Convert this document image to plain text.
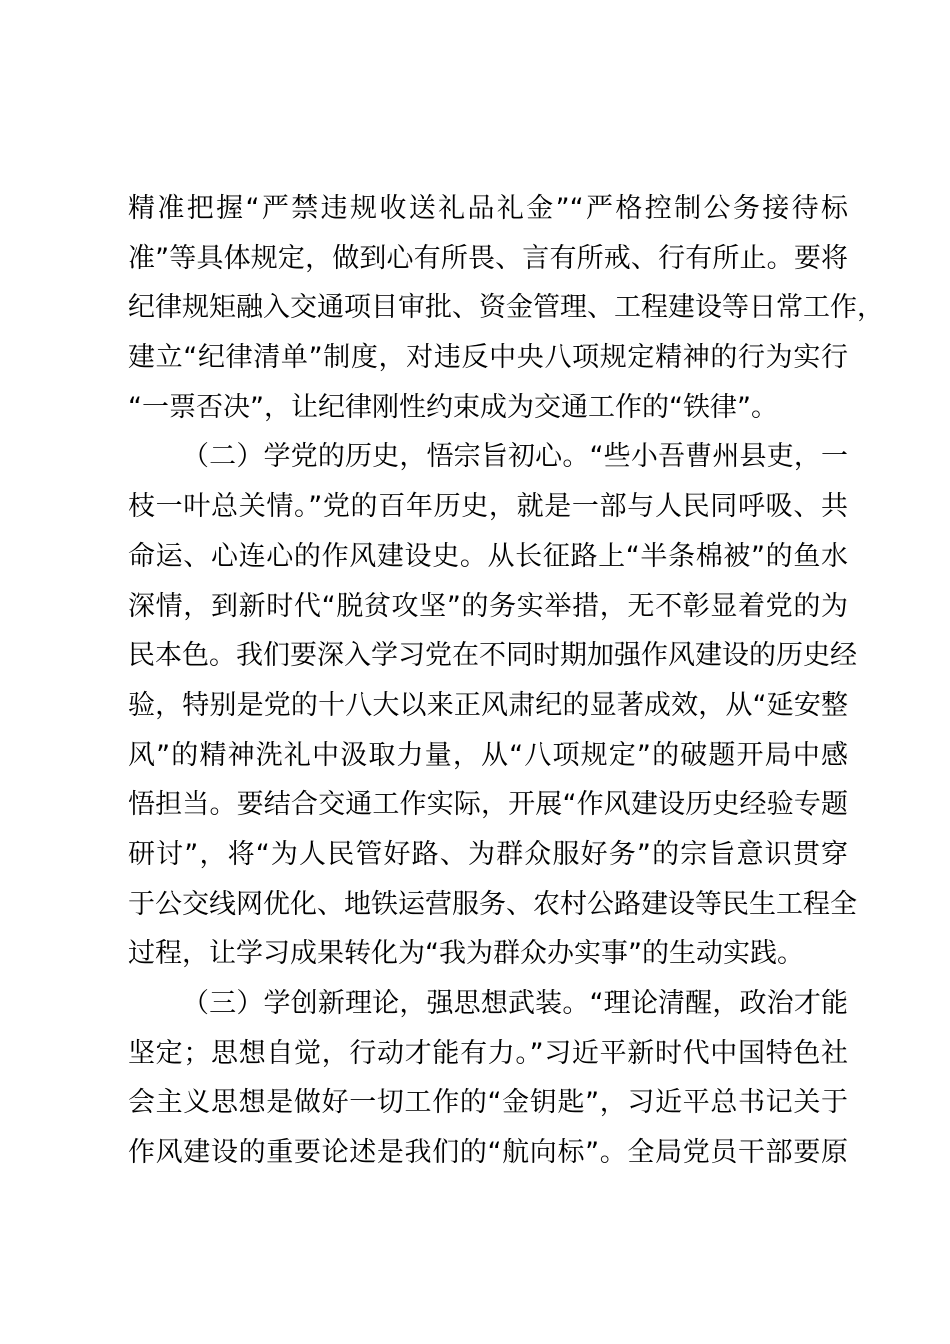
精准把握“严禁违规收送礼品礼金”“严格控制公务接待标
准”等具体规定，做到心有所畏、言有所戒、行有所止。要将
纪律规矩融入交通项目审批、资金管理、工程建设等日常工作，
建立“纪律清单”制度，对违反中央八项规定精神的行为实行
“一票否决”，让纪律刚性约束成为交通工作的“铁律”。
（二）学党的历史，悟宗旨初心。“些小吾曹州县吏，一
枝一叶总关情。”党的百年历史，就是一部与人民同呼吸、共
命运、心连心的作风建设史。从长征路上“半条棉被”的鱼水
深情，到新时代“脱贫攻坚”的务实举措，无不彰显着党的为
民本色。我们要深入学习党在不同时期加强作风建设的历史经
验，特别是党的十八大以来正风肃纪的显著成效，从“延安整
风”的精神洗礼中汲取力量，从“八项规定”的破题开局中感
悟担当。要结合交通工作实际，开展“作风建设历史经验专题
研讨”，将“为人民管好路、为群众服好务”的宗旨意识贯穿
于公交线网优化、地铁运营服务、农村公路建设等民生工程全
过程，让学习成果转化为“我为群众办实事”的生动实践。
（三）学创新理论，强思想武装。“理论清醒，政治才能
坚定；思想自觉，行动才能有力。”习近平新时代中国特色社
会主义思想是做好一切工作的“金钥匙”，习近平总书记关于
作风建设的重要论述是我们的“航向标”。全局党员干部要原
